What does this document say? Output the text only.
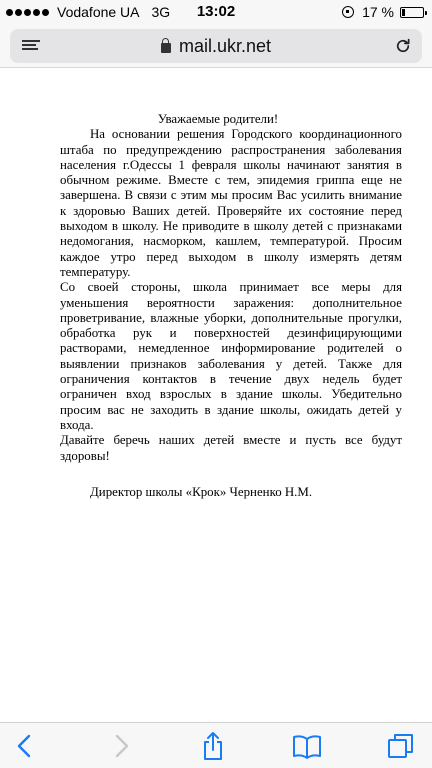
Vodafone UA 3G	13:02	17 %
mail.ukr.net

Уважаемые родители!

На основании решения Городского координационного штаба по предупреждению распространения заболевания населения г.Одессы 1 февраля школы начинают занятия в обычном режиме. Вместе с тем, эпидемия гриппа еще не завершена. В связи с этим мы просим Вас усилить внимание к здоровью Ваших детей. Проверяйте их состояние перед выходом в школу. Не приводите в школу детей с признаками недомогания, насморком, кашлем, температурой. Просим каждое утро перед выходом в школу измерять детям температуру.

Со своей стороны, школа принимает все меры для уменьшения вероятности заражения: дополнительное проветривание, влажные уборки, дополнительные прогулки, обработка рук и поверхностей дезинфицирующими растворами, немедленное информирование родителей о выявлении признаков заболевания у детей. Также для ограничения контактов в течение двух недель будет ограничен вход взрослых в здание школы. Убедительно просим вас не заходить в здание школы, ожидать детей у входа.

Давайте беречь наших детей вместе и пусть все будут здоровы!

Директор школы «Крок» Черненко Н.М.
